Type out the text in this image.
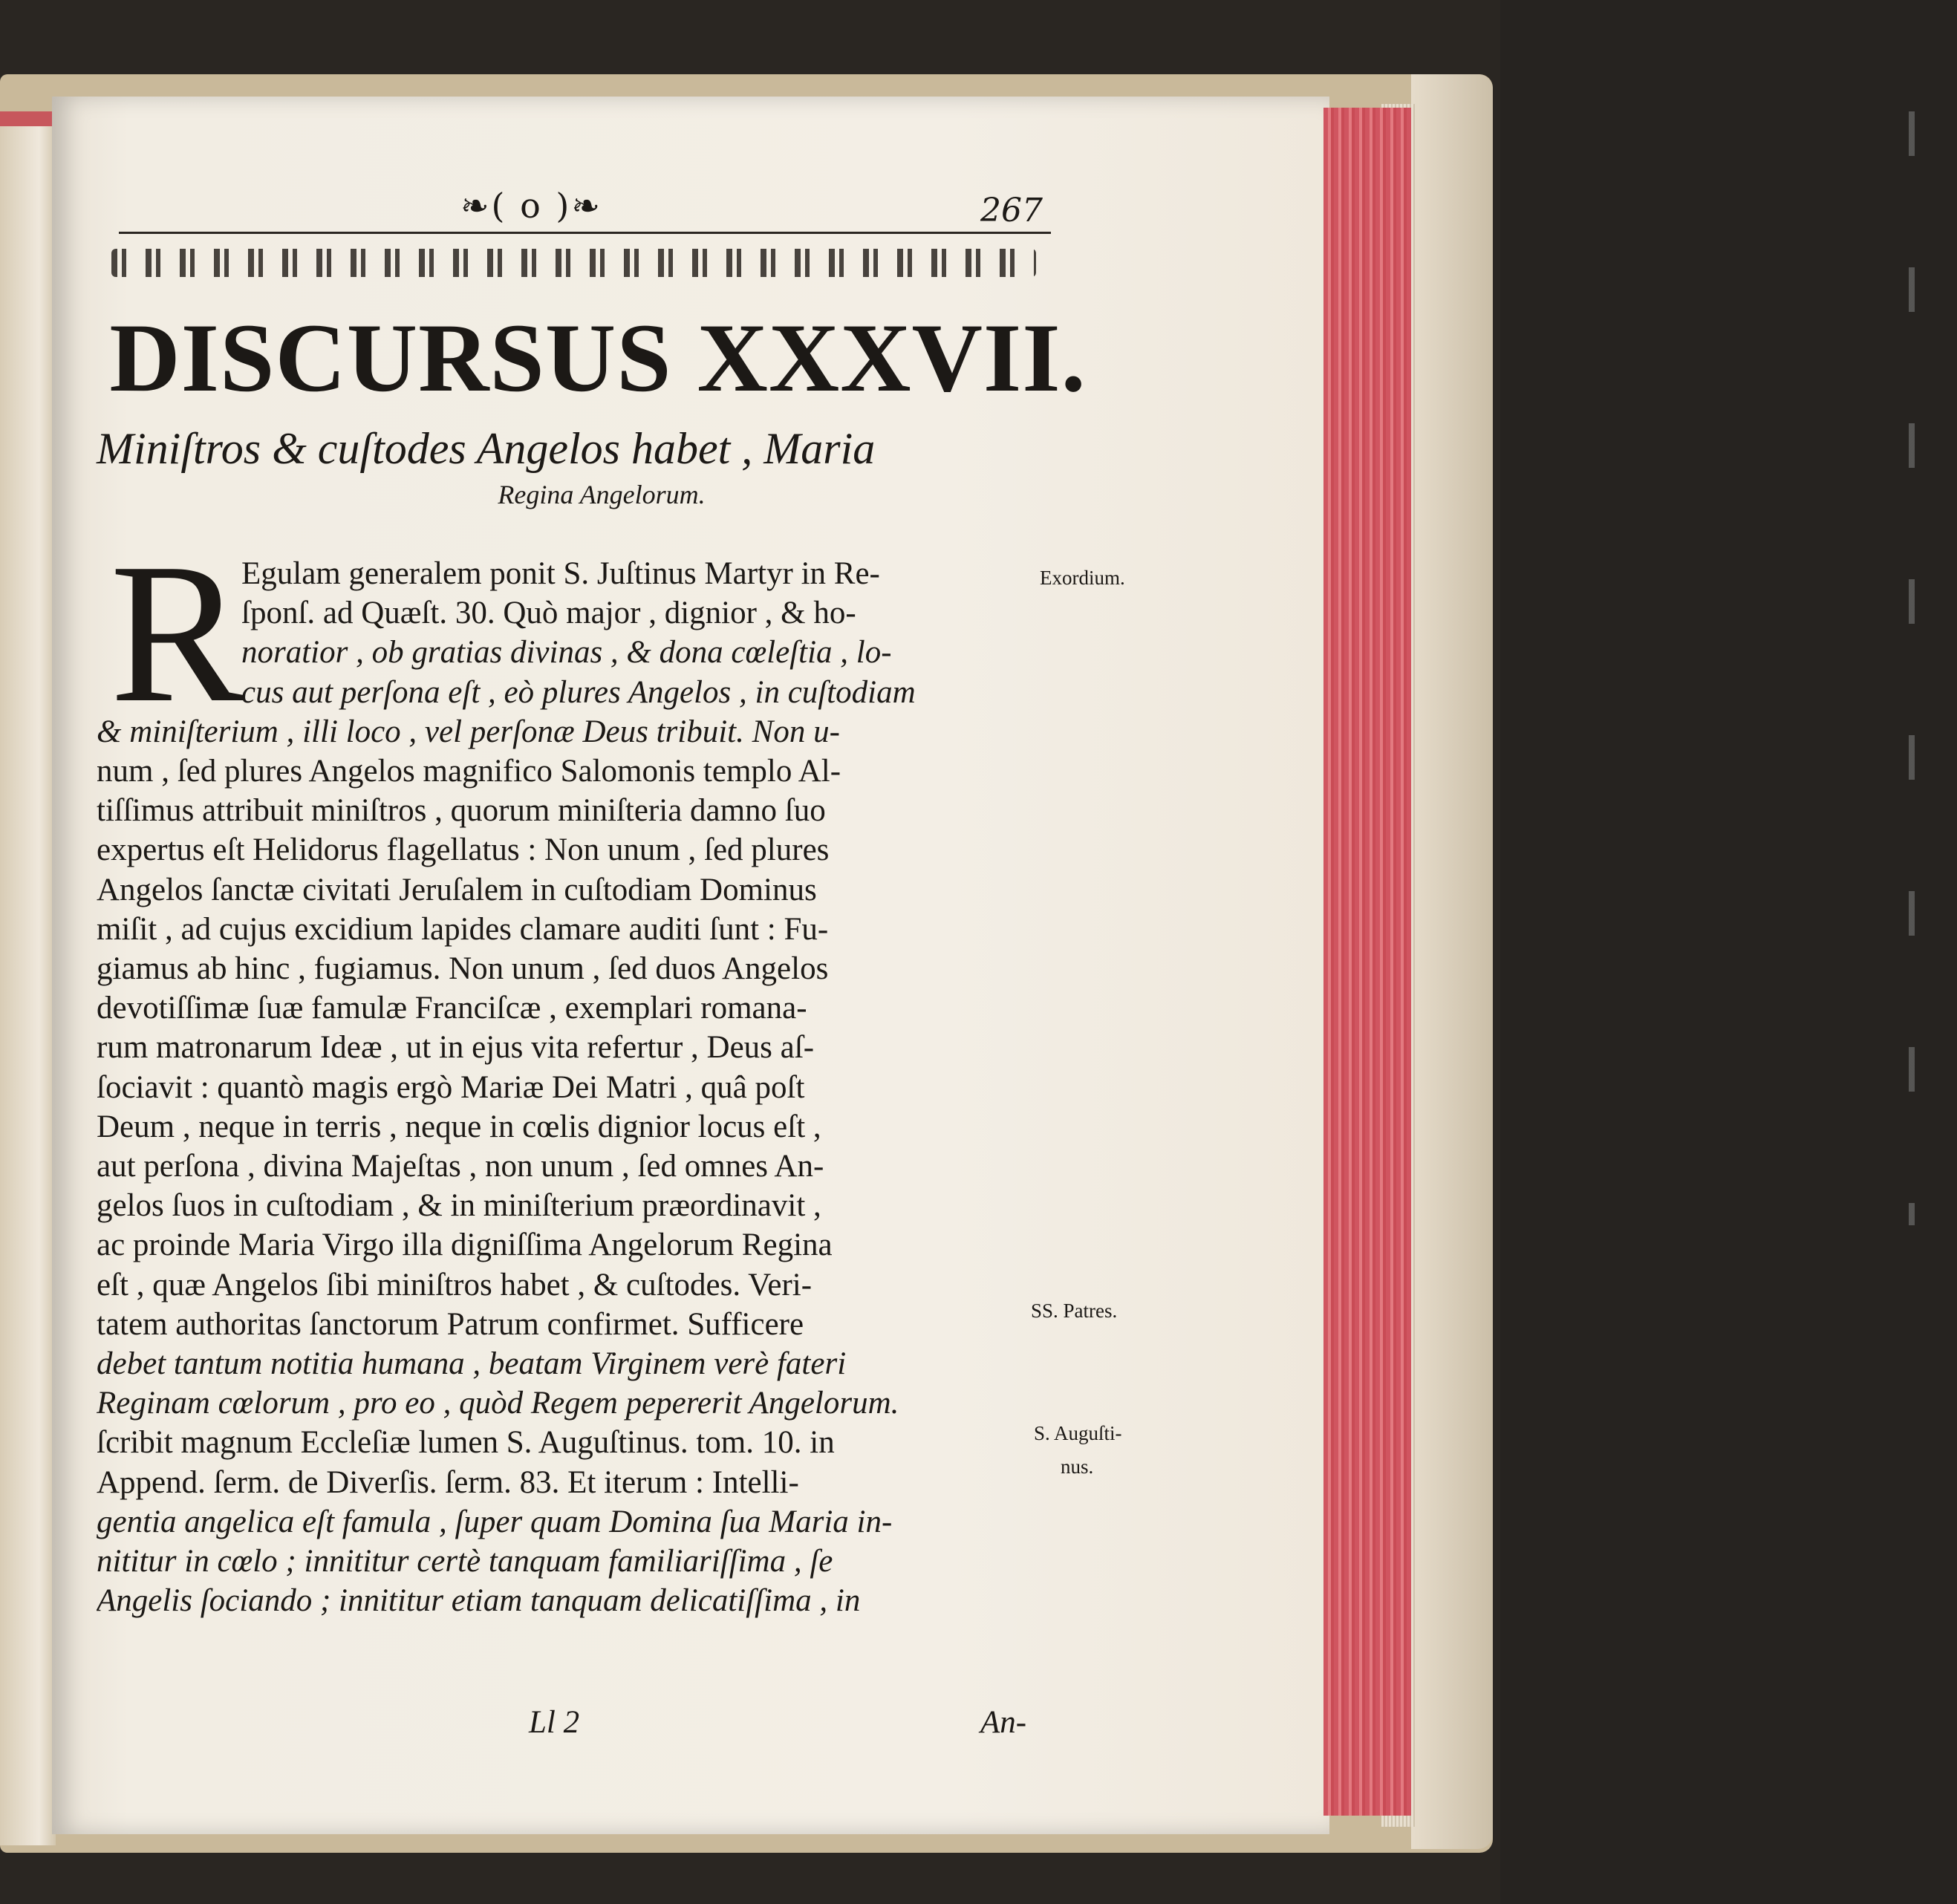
❧( o )❧	267
DISCURSUS XXXVII.
Miniſtros & cuſtodes Angelos habet , Maria
Regina Angelorum.
R
Egulam generalem ponit S. Juſtinus Martyr in Re-
ſponſ. ad Quæſt. 30. Quò major , dignior , & ho-
noratior , ob gratias divinas , & dona cœleſtia , lo-
cus aut perſona eſt , eò plures Angelos , in cuſtodiam
& miniſterium , illi loco , vel perſonæ Deus tribuit. Non u-
num , ſed plures Angelos magnifico Salomonis templo Al-
tiſſimus attribuit miniſtros , quorum miniſteria damno ſuo
expertus eſt Helidorus flagellatus : Non unum , ſed plures
Angelos ſanctæ civitati Jeruſalem in cuſtodiam Dominus
miſit , ad cujus excidium lapides clamare auditi ſunt : Fu-
giamus ab hinc , fugiamus. Non unum , ſed duos Angelos
devotiſſimæ ſuæ famulæ Franciſcæ , exemplari romana-
rum matronarum Ideæ , ut in ejus vita refertur , Deus aſ-
ſociavit : quantò magis ergò Mariæ Dei Matri , quâ poſt
Deum , neque in terris , neque in cœlis dignior locus eſt ,
aut perſona , divina Majeſtas , non unum , ſed omnes An-
gelos ſuos in cuſtodiam , & in miniſterium præordinavit ,
ac proinde Maria Virgo illa digniſſima Angelorum Regina
eſt , quæ Angelos ſibi miniſtros habet , & cuſtodes. Veri-
tatem authoritas ſanctorum Patrum confirmet. Sufficere
debet tantum notitia humana , beatam Virginem verè fateri
Reginam cœlorum , pro eo , quòd Regem pepererit Angelorum.
ſcribit magnum Eccleſiæ lumen S. Auguſtinus. tom. 10. in
Append. ſerm. de Diverſis. ſerm. 83. Et iterum : Intelli-
gentia angelica eſt famula , ſuper quam Domina ſua Maria in-
nititur in cœlo ; innititur certè tanquam familiariſſima , ſe
Angelis ſociando ; innititur etiam tanquam delicatiſſima , in
Exordium.
SS. Patres.
S. Auguſti-
nus.
Ll 2	An-
